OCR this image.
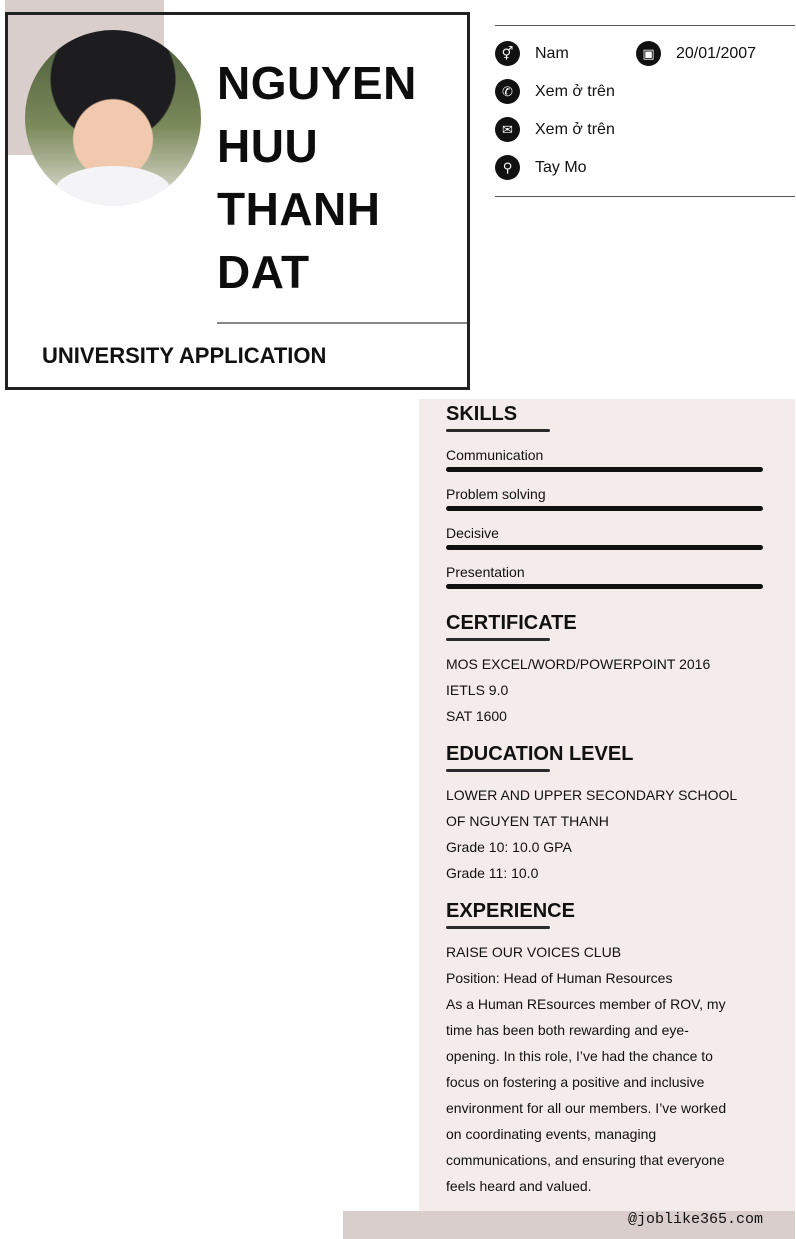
NGUYEN
HUU
THANH
DAT
UNIVERSITY APPLICATION
⚥	Nam	▣	20/01/2007
✆	Xem ở trên
✉	Xem ở trên
⚲	Tay Mo
SKILLS
Communication
Problem solving
Decisive
Presentation
CERTIFICATE
MOS EXCEL/WORD/POWERPOINT 2016
IETLS 9.0
SAT 1600
EDUCATION LEVEL
LOWER AND UPPER SECONDARY SCHOOL
OF NGUYEN TAT THANH
Grade 10: 10.0 GPA
Grade 11: 10.0
EXPERIENCE
RAISE OUR VOICES CLUB
Position: Head of Human Resources
As a Human REsources member of ROV, my time has been both rewarding and eye-opening. In this role, I’ve had the chance to focus on fostering a positive and inclusive environment for all our members. I’ve worked on coordinating events, managing communications, and ensuring that everyone feels heard and valued.
@joblike365.com
